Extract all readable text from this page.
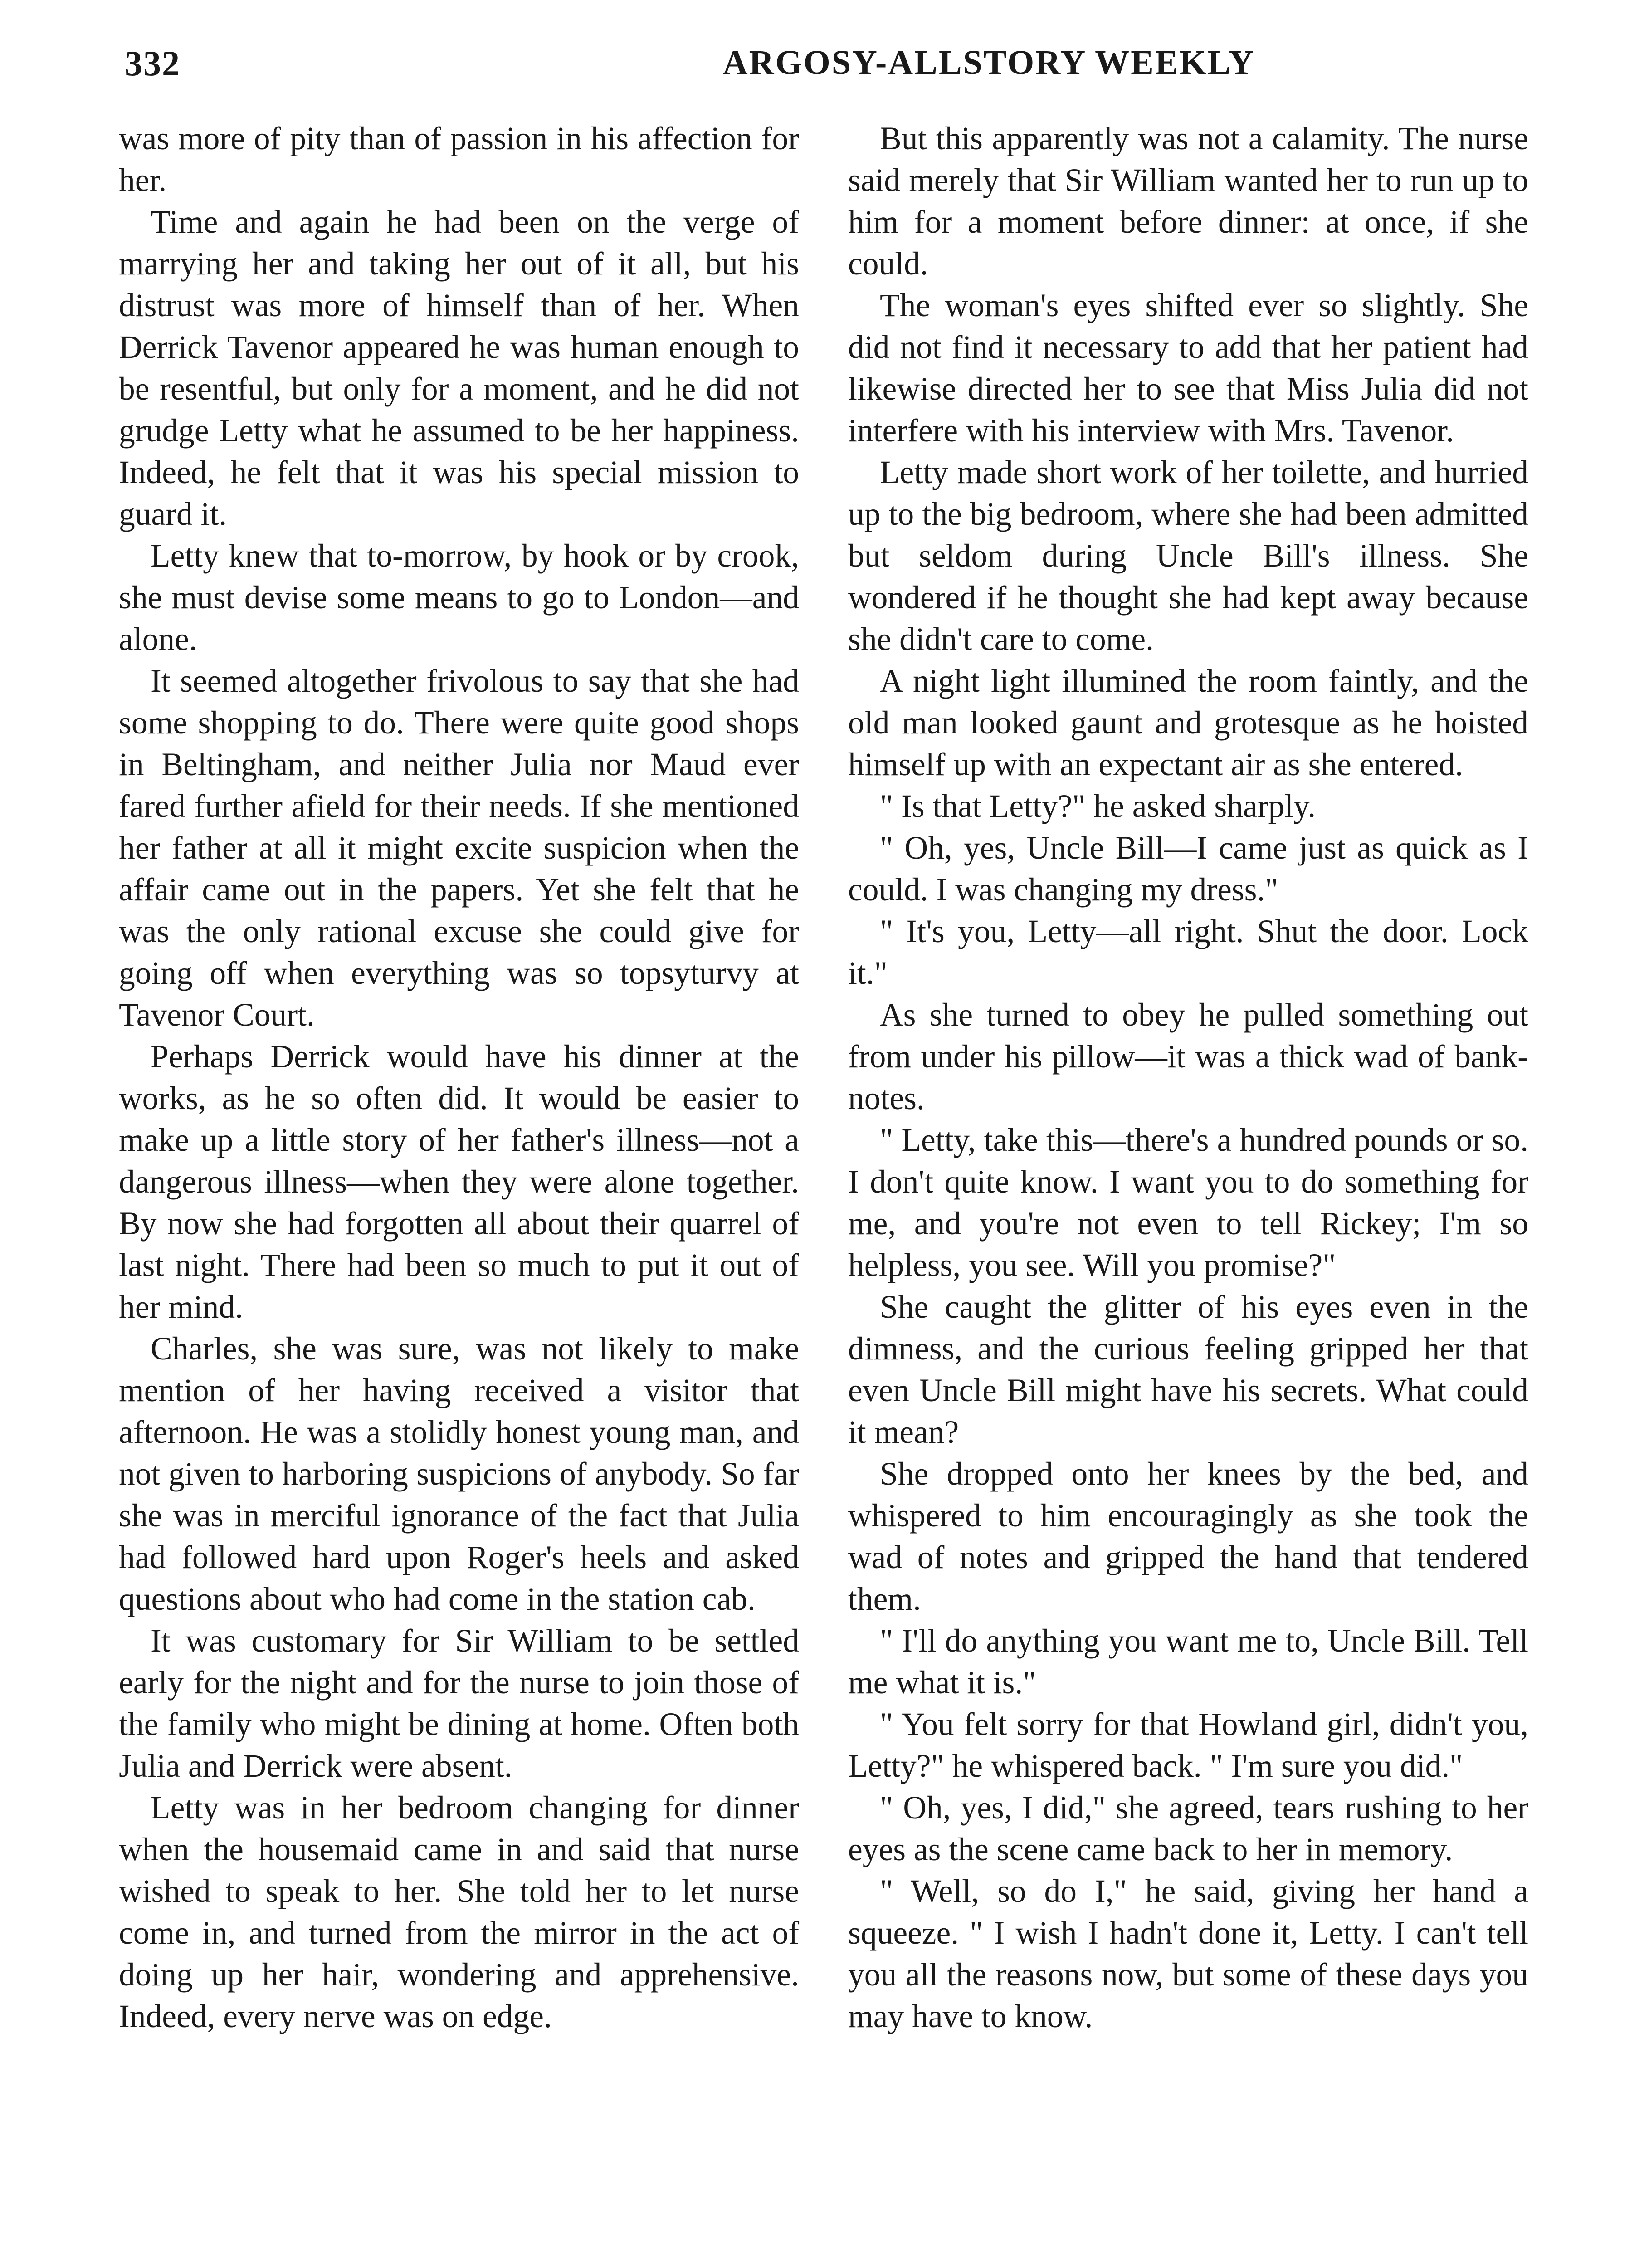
332	ARGOSY-ALLSTORY WEEKLY

was more of pity than of passion in his affection for her.

Time and again he had been on the verge of marrying her and taking her out of it all, but his distrust was more of himself than of her. When Derrick Tavenor appeared he was human enough to be resentful, but only for a moment, and he did not grudge Letty what he assumed to be her happiness. Indeed, he felt that it was his special mission to guard it.

Letty knew that to-morrow, by hook or by crook, she must devise some means to go to London—and alone.

It seemed altogether frivolous to say that she had some shopping to do. There were quite good shops in Beltingham, and neither Julia nor Maud ever fared further afield for their needs. If she mentioned her father at all it might excite suspicion when the affair came out in the papers. Yet she felt that he was the only rational excuse she could give for going off when everything was so topsyturvy at Tavenor Court.

Perhaps Derrick would have his dinner at the works, as he so often did. It would be easier to make up a little story of her father's illness—not a dangerous illness—when they were alone together. By now she had forgotten all about their quarrel of last night. There had been so much to put it out of her mind.

Charles, she was sure, was not likely to make mention of her having received a visitor that afternoon. He was a stolidly honest young man, and not given to harboring suspicions of anybody. So far she was in merciful ignorance of the fact that Julia had followed hard upon Roger's heels and asked questions about who had come in the station cab.

It was customary for Sir William to be settled early for the night and for the nurse to join those of the family who might be dining at home. Often both Julia and Derrick were absent.

Letty was in her bedroom changing for dinner when the housemaid came in and said that nurse wished to speak to her. She told her to let nurse come in, and turned from the mirror in the act of doing up her hair, wondering and apprehensive. Indeed, every nerve was on edge.

But this apparently was not a calamity. The nurse said merely that Sir William wanted her to run up to him for a moment before dinner: at once, if she could.

The woman's eyes shifted ever so slightly. She did not find it necessary to add that her patient had likewise directed her to see that Miss Julia did not interfere with his interview with Mrs. Tavenor.

Letty made short work of her toilette, and hurried up to the big bedroom, where she had been admitted but seldom during Uncle Bill's illness. She wondered if he thought she had kept away because she didn't care to come.

A night light illumined the room faintly, and the old man looked gaunt and grotesque as he hoisted himself up with an expectant air as she entered.

" Is that Letty?" he asked sharply.

" Oh, yes, Uncle Bill—I came just as quick as I could. I was changing my dress."

" It's you, Letty—all right. Shut the door. Lock it."

As she turned to obey he pulled something out from under his pillow—it was a thick wad of bank-notes.

" Letty, take this—there's a hundred pounds or so. I don't quite know. I want you to do something for me, and you're not even to tell Rickey; I'm so helpless, you see. Will you promise?"

She caught the glitter of his eyes even in the dimness, and the curious feeling gripped her that even Uncle Bill might have his secrets. What could it mean?

She dropped onto her knees by the bed, and whispered to him encouragingly as she took the wad of notes and gripped the hand that tendered them.

" I'll do anything you want me to, Uncle Bill. Tell me what it is."

" You felt sorry for that Howland girl, didn't you, Letty?" he whispered back. " I'm sure you did."

" Oh, yes, I did," she agreed, tears rushing to her eyes as the scene came back to her in memory.

" Well, so do I," he said, giving her hand a squeeze. " I wish I hadn't done it, Letty. I can't tell you all the reasons now, but some of these days you may have to know.
